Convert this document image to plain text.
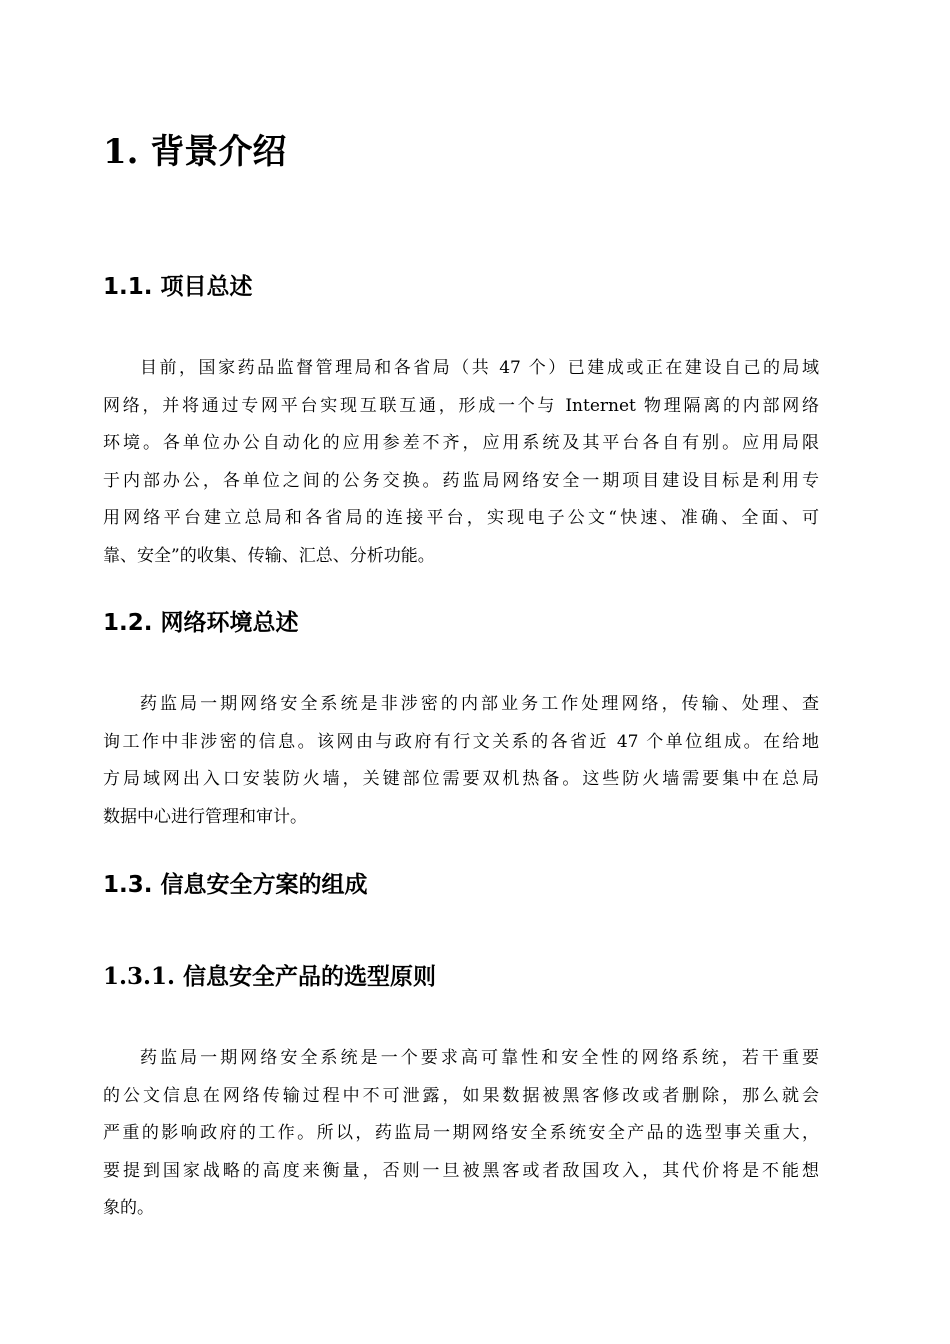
1. 背景介绍
1.1. 项目总述
目前，国家药品监督管理局和各省局（共 47 个）已建成或正在建设自己的局域
网络，并将通过专网平台实现互联互通，形成一个与 Internet 物理隔离的内部网络
环境。各单位办公自动化的应用参差不齐，应用系统及其平台各自有别。应用局限
于内部办公，各单位之间的公务交换。药监局网络安全一期项目建设目标是利用专
用网络平台建立总局和各省局的连接平台，实现电子公文“快速、准确、全面、可
靠、安全”的收集、传输、汇总、分析功能。
1.2. 网络环境总述
药监局一期网络安全系统是非涉密的内部业务工作处理网络，传输、处理、查
询工作中非涉密的信息。该网由与政府有行文关系的各省近 47 个单位组成。在给地
方局域网出入口安装防火墙，关键部位需要双机热备。这些防火墙需要集中在总局
数据中心进行管理和审计。
1.3. 信息安全方案的组成
1.3.1. 信息安全产品的选型原则
药监局一期网络安全系统是一个要求高可靠性和安全性的网络系统，若干重要
的公文信息在网络传输过程中不可泄露，如果数据被黑客修改或者删除，那么就会
严重的影响政府的工作。所以，药监局一期网络安全系统安全产品的选型事关重大，
要提到国家战略的高度来衡量，否则一旦被黑客或者敌国攻入，其代价将是不能想
象的。
